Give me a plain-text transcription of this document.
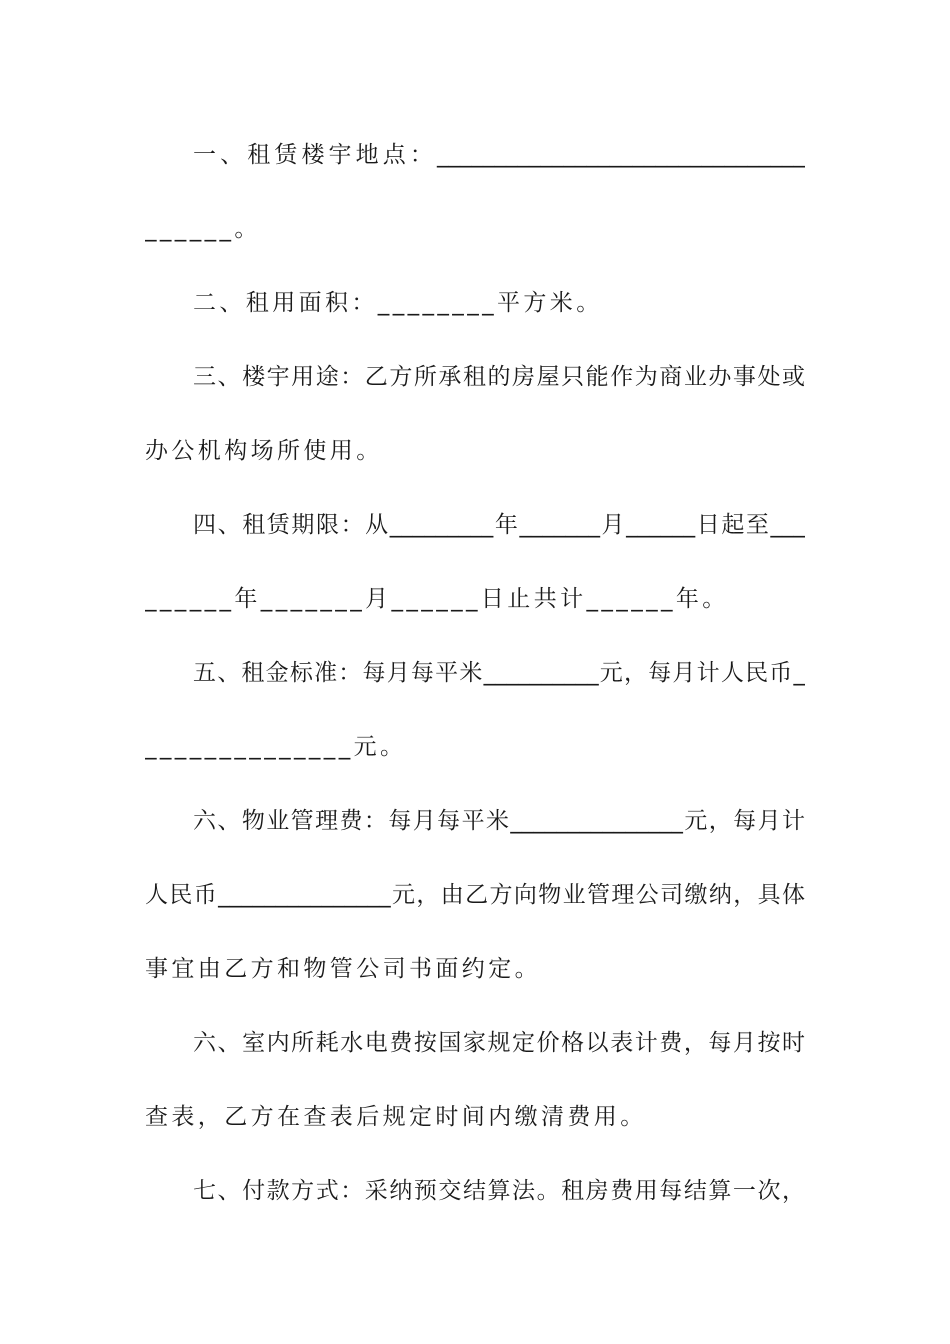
一、租赁楼宇地点：________________________________
______。
二、租用面积：________平方米。
三、楼宇用途：乙方所承租的房屋只能作为商业办事处或
办公机构场所使用。
四、租赁期限：从_________年_______月______日起至___
______年_______月______日止共计______年。
五、租金标准：每月每平米__________元，每月计人民币_
______________元。
六、物业管理费：每月每平米_______________元，每月计
人民币_______________元，由乙方向物业管理公司缴纳，具体
事宜由乙方和物管公司书面约定。
六、室内所耗水电费按国家规定价格以表计费，每月按时
查表，乙方在查表后规定时间内缴清费用。
七、付款方式：采纳预交结算法。租房费用每结算一次，
